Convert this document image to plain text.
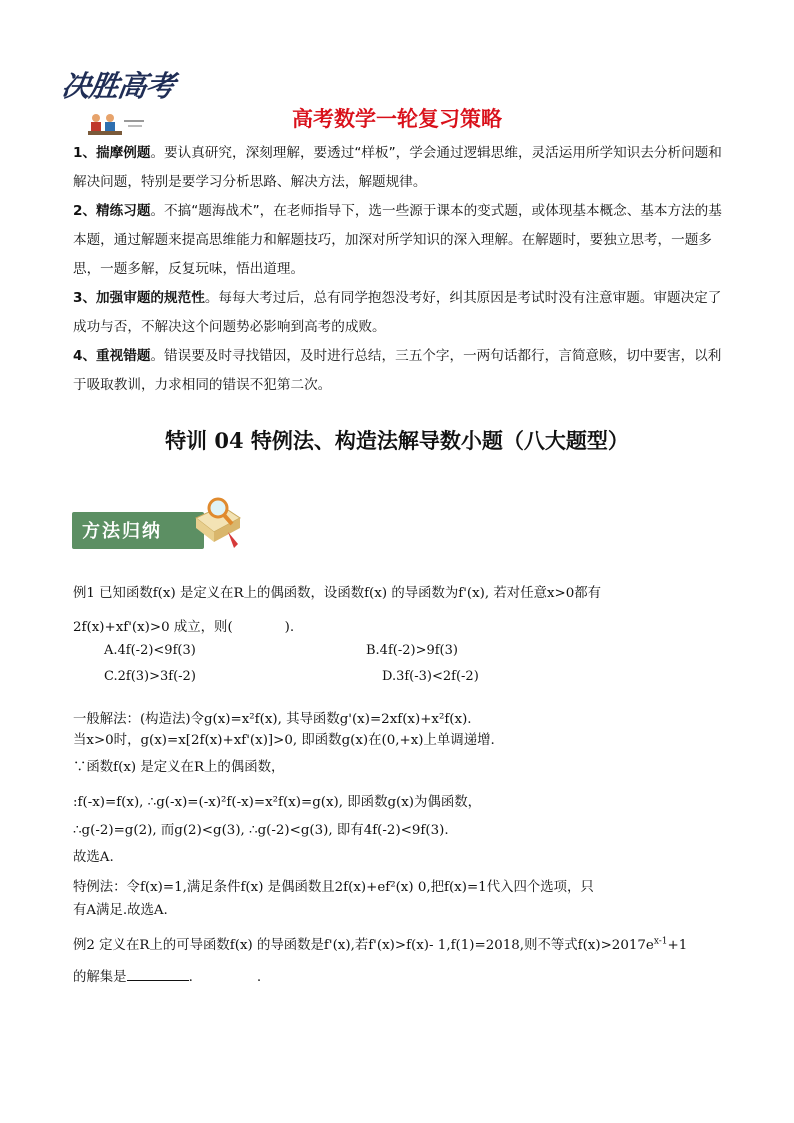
决胜高考
高考数学一轮复习策略
1、揣摩例题。要认真研究，深刻理解，要透过“样板”，学会通过逻辑思维，灵活运用所学知识去分析问题和解决问题，特别是要学习分析思路、解决方法，解题规律。
2、精练习题。不搞“题海战术”，在老师指导下，选一些源于课本的变式题，或体现基本概念、基本方法的基本题，通过解题来提高思维能力和解题技巧，加深对所学知识的深入理解。在解题时，要独立思考，一题多思，一题多解，反复玩味，悟出道理。
3、加强审题的规范性。每每大考过后，总有同学抱怨没考好，纠其原因是考试时没有注意审题。审题决定了成功与否，不解决这个问题势必影响到高考的成败。
4、重视错题。错误要及时寻找错因，及时进行总结，三五个字，一两句话都行，言简意赅，切中要害，以利于吸取教训，力求相同的错误不犯第二次。
特训 04 特例法、构造法解导数小题（八大题型）
方法归纳
例1 已知函数f(x) 是定义在R上的偶函数，设函数f(x) 的导函数为f'(x), 若对任意x>0都有
2f(x)+xf'(x)>0 成立，则(	).
A.4f(-2)<9f(3)	B.4f(-2)>9f(3)
C.2f(3)>3f(-2)	D.3f(-3)<2f(-2)
一般解法：(构造法)令g(x)=x²f(x), 其导函数g'(x)=2xf(x)+x²f(x).
当x>0时，g(x)=x[2f(x)+xf'(x)]>0, 即函数g(x)在(0,+x)上单调递增.
∵函数f(x) 是定义在R上的偶函数，
:f(-x)=f(x), ∴g(-x)=(-x)²f(-x)=x²f(x)=g(x), 即函数g(x)为偶函数，
∴g(-2)=g(2), 而g(2)<g(3), ∴g(-2)<g(3), 即有4f(-2)<9f(3).
故选A.
特例法：令f(x)=1,满足条件f(x) 是偶函数且2f(x)+ef²(x) 0,把f(x)=1代入四个选项，只
有A满足.故选A.
例2 定义在R上的可导函数f(x) 的导函数是f'(x),若f'(x)>f(x)- 1,f(1)=2018,则不等式$f(x)>2017e^{x-1}+1$
的解集是	.	.
